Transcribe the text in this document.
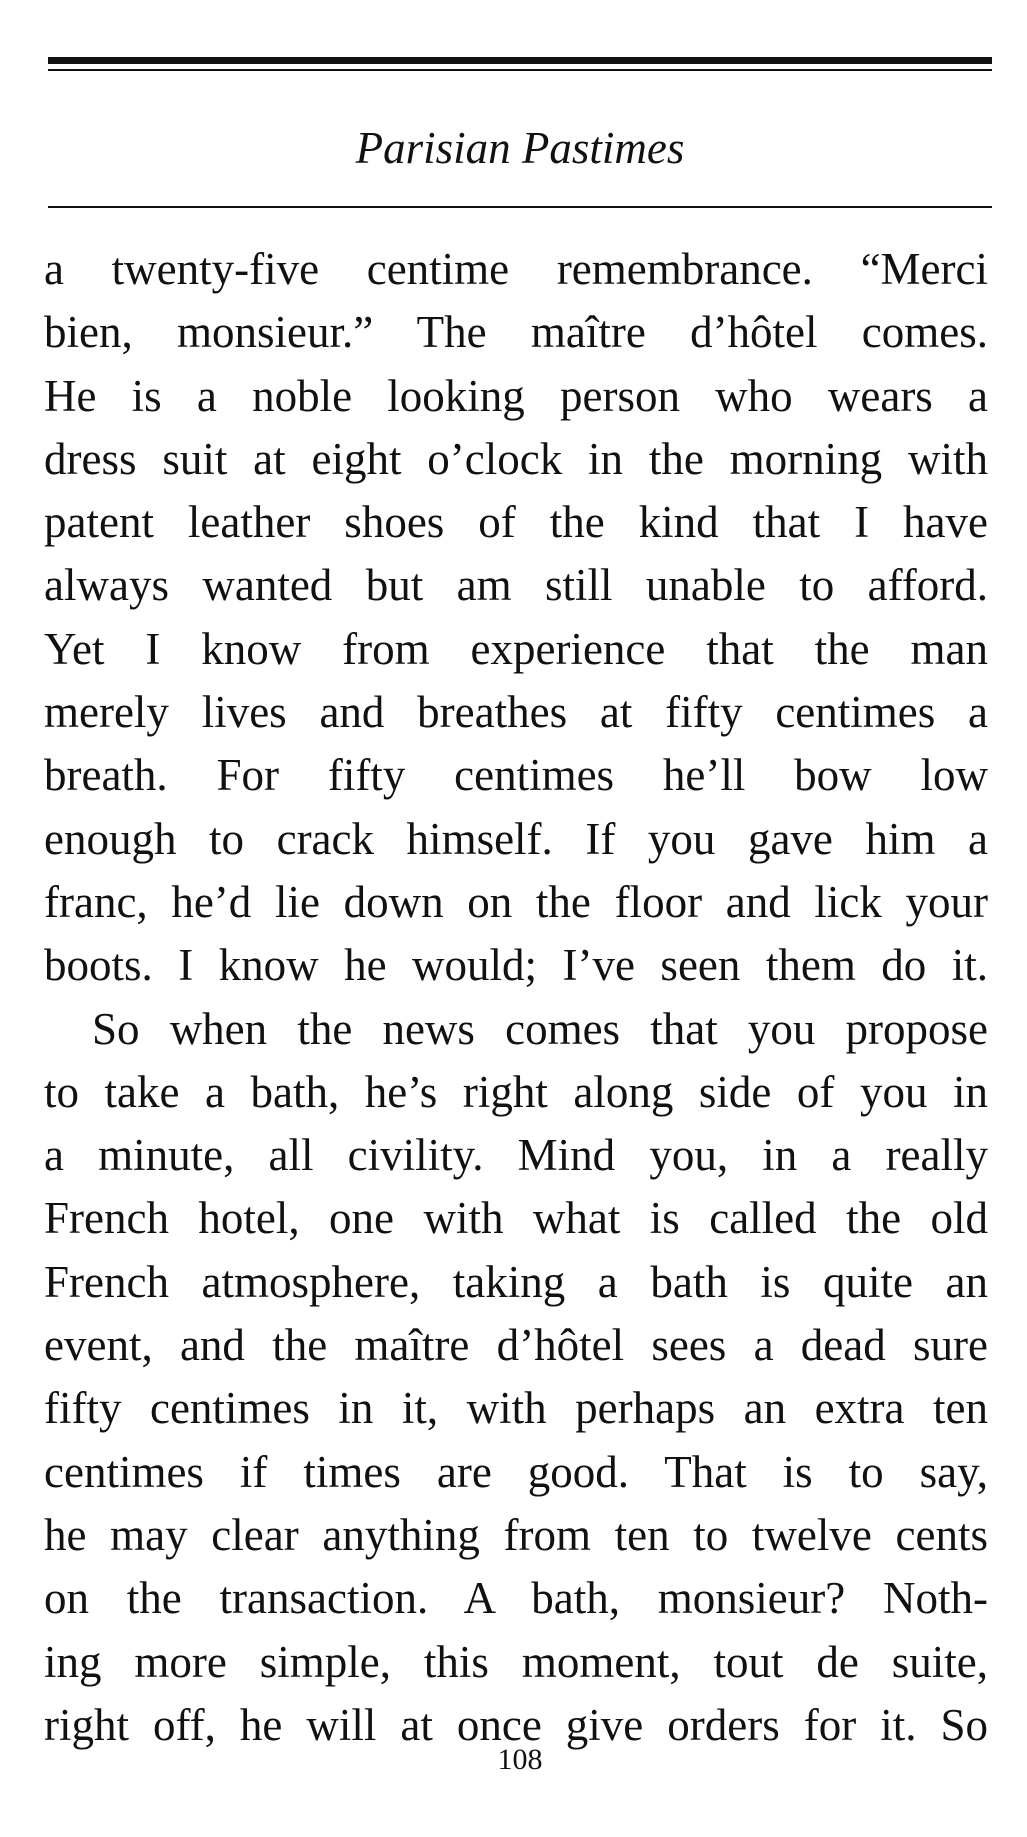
Parisian Pastimes
a twenty-five centime remembrance. “Merci
bien, monsieur.” The maître d’hôtel comes.
He is a noble looking person who wears a
dress suit at eight o’clock in the morning with
patent leather shoes of the kind that I have
always wanted but am still unable to afford.
Yet I know from experience that the man
merely lives and breathes at fifty centimes a
breath. For fifty centimes he’ll bow low
enough to crack himself. If you gave him a
franc, he’d lie down on the floor and lick your
boots. I know he would; I’ve seen them do it.
So when the news comes that you propose
to take a bath, he’s right along side of you in
a minute, all civility. Mind you, in a really
French hotel, one with what is called the old
French atmosphere, taking a bath is quite an
event, and the maître d’hôtel sees a dead sure
fifty centimes in it, with perhaps an extra ten
centimes if times are good. That is to say,
he may clear anything from ten to twelve cents
on the transaction. A bath, monsieur? Noth-
ing more simple, this moment, tout de suite,
right off, he will at once give orders for it. So
108
